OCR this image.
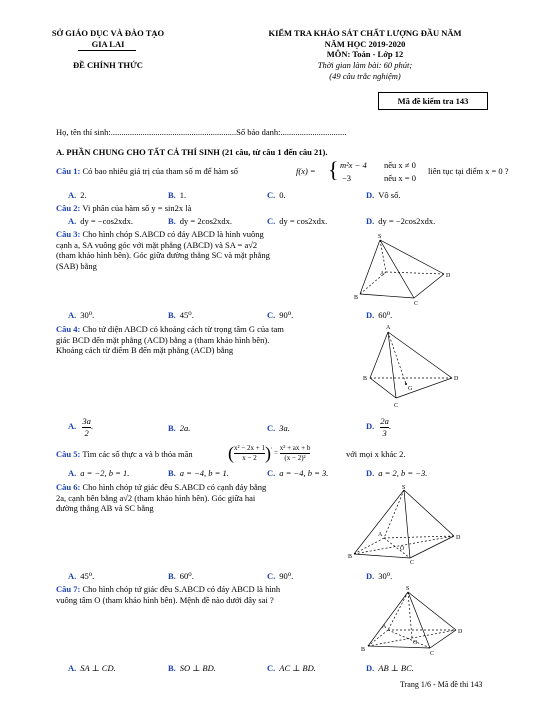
SỞ GIÁO DỤC VÀ ĐÀO TẠO
GIA LAI
ĐỀ CHÍNH THỨC
KIỂM TRA KHẢO SÁT CHẤT LƯỢNG ĐẦU NĂM
NĂM HỌC 2019-2020
MÔN: Toán - Lớp 12
Thời gian làm bài: 60 phút;
(49 câu trắc nghiệm)
Mã đề kiểm tra 143
Họ, tên thí sinh:...........................................................Số báo danh:...............................
A. PHẦN CHUNG CHO TẤT CẢ THÍ SINH (21 câu, từ câu 1 đến câu 21).
Câu 1: Có bao nhiêu giá trị của tham số m để hàm số	f(x) = { m²x − 4 nếu x ≠ 0
−3	nếu x = 0
liên tục tại điểm x = 0 ?
A. 2.	B. 1.	C. 0.	D. Vô số.
Câu 2: Vi phân của hàm số y = sin2x là
A. dy = −cos2xdx.	B. dy = 2cos2xdx.	C. dy = cos2xdx.	D. dy = −2cos2xdx.
Câu 3: Cho hình chóp S.ABCD có đáy ABCD là hình vuông
cạnh a, SA vuông góc với mặt phẳng (ABCD) và SA = a√2
(tham khảo hình bên). Góc giữa đường thẳng SC và mặt phẳng
(SAB) bằng
S
A
B
C
D
A. 30⁰.	B. 45⁰.	C. 90⁰.	D. 60⁰.
Câu 4: Cho tứ diện ABCD có khoảng cách từ trọng tâm G của tam
giác BCD đến mặt phẳng (ACD) bằng a (tham khảo hình bên).
Khoảng cách từ điểm B đến mặt phẳng (ACD) bằng
A
B
C
D
G
A. $\frac{3a}{2}$ .	B. 2a.	C. 3a.	D. $\frac{2a}{3}$ .
Câu 5: Tìm các số thực a và b thỏa mãn ( $\frac{\text{x² − 2x + 1}}{x - 2} )' = \frac{\text{x² + ax + b}}{\text{(x − 2)²}}$	với mọi x khác 2.
A. a = −2, b = 1.	B. a = −4, b = 1.	C. a = −4, b = 3.	D. a = 2, b = −3.
Câu 6: Cho hình chóp tứ giác đều S.ABCD có cạnh đáy bằng
2a, cạnh bên bằng a√2 (tham khảo hình bên). Góc giữa hai
đường thẳng AB và SC bằng
S
A
B
C
D
O
A. 45⁰.	B. 60⁰.	C. 90⁰.	D. 30⁰.
Câu 7: Cho hình chóp tứ giác đều S.ABCD có đáy ABCD là hình
vuông tâm O (tham khảo hình bên). Mệnh đề nào dưới đây sai ?
S
A
B
C
D
O
A. SA ⊥ CD.	B. SO ⊥ BD.	C. AC ⊥ BD.	D. AB ⊥ BC.
Trang 1/6 - Mã đề thi 143
